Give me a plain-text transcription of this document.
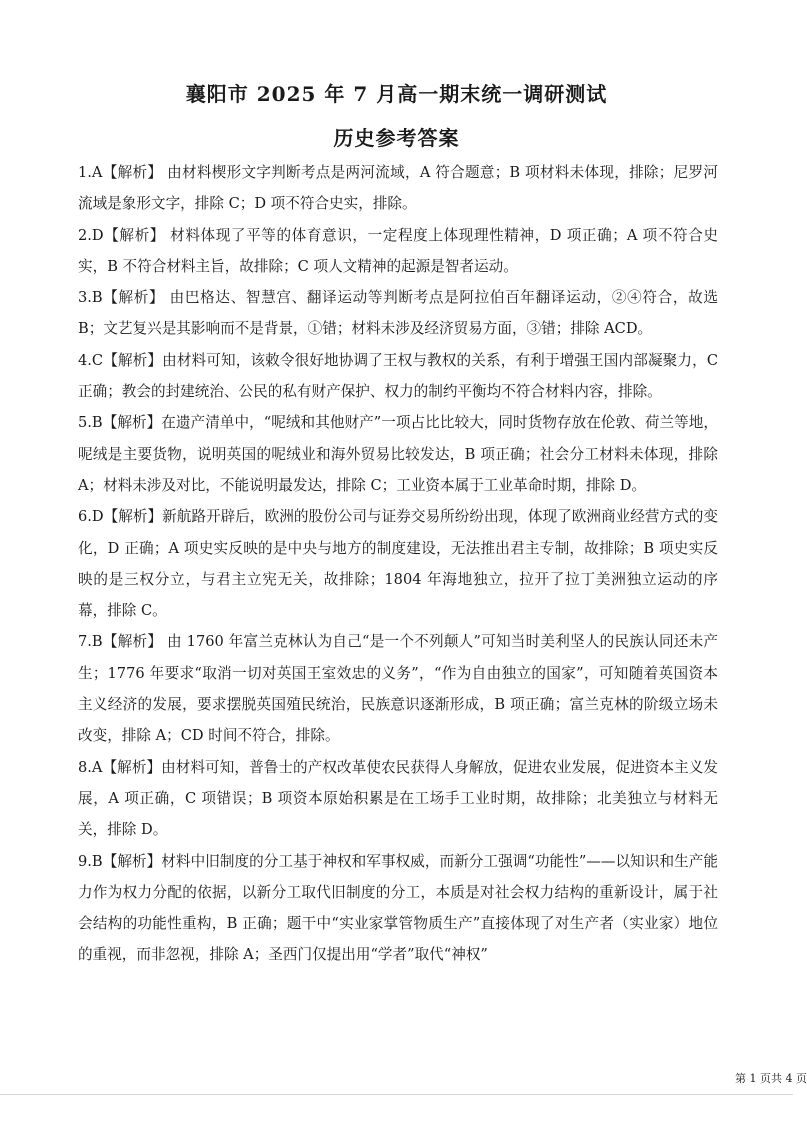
襄阳市 2025 年 7 月高一期末统一调研测试
历史参考答案
1.A【解析】 由材料楔形文字判断考点是两河流域，A 符合题意；B 项材料未体现，排除；尼罗河流域是象形文字，排除 C；D 项不符合史实，排除。
2.D【解析】 材料体现了平等的体育意识，一定程度上体现理性精神，D 项正确；A 项不符合史实，B 不符合材料主旨，故排除；C 项人文精神的起源是智者运动。
3.B【解析】 由巴格达、智慧宫、翻译运动等判断考点是阿拉伯百年翻译运动，②④符合，故选 B；文艺复兴是其影响而不是背景，①错；材料未涉及经济贸易方面，③错；排除 ACD。
4.C【解析】由材料可知，该敕令很好地协调了王权与教权的关系，有利于增强王国内部凝聚力，C 正确；教会的封建统治、公民的私有财产保护、权力的制约平衡均不符合材料内容，排除。
5.B【解析】在遗产清单中，“呢绒和其他财产”一项占比比较大，同时货物存放在伦敦、荷兰等地，呢绒是主要货物，说明英国的呢绒业和海外贸易比较发达，B 项正确；社会分工材料未体现，排除 A；材料未涉及对比，不能说明最发达，排除 C；工业资本属于工业革命时期，排除 D。
6.D【解析】新航路开辟后，欧洲的股份公司与证券交易所纷纷出现，体现了欧洲商业经营方式的变化，D 正确；A 项史实反映的是中央与地方的制度建设，无法推出君主专制，故排除；B 项史实反映的是三权分立，与君主立宪无关，故排除；1804 年海地独立，拉开了拉丁美洲独立运动的序幕，排除 C。
7.B【解析】 由 1760 年富兰克林认为自己“是一个不列颠人”可知当时美利坚人的民族认同还未产生；1776 年要求“取消一切对英国王室效忠的义务”，“作为自由独立的国家”，可知随着英国资本主义经济的发展，要求摆脱英国殖民统治，民族意识逐渐形成，B 项正确；富兰克林的阶级立场未改变，排除 A；CD 时间不符合，排除。
8.A【解析】由材料可知，普鲁士的产权改革使农民获得人身解放，促进农业发展，促进资本主义发展，A 项正确，C 项错误；B 项资本原始积累是在工场手工业时期，故排除；北美独立与材料无关，排除 D。
9.B【解析】材料中旧制度的分工基于神权和军事权威，而新分工强调“功能性”——以知识和生产能力作为权力分配的依据，以新分工取代旧制度的分工，本质是对社会权力结构的重新设计，属于社会结构的功能性重构，B 正确；题干中“实业家掌管物质生产”直接体现了对生产者（实业家）地位的重视，而非忽视，排除 A；圣西门仅提出用“学者”取代“神权”
第 1 页共 4 页
